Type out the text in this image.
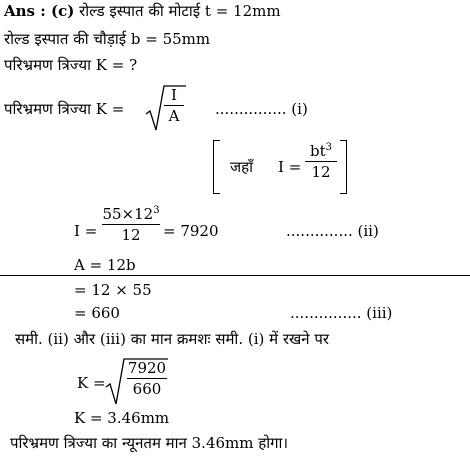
Ans : (c) रोल्ड इस्पात की मोटाई t = 12mm
रोल्ड इस्पात की चौड़ाई b = 55mm
परिभ्रमण त्रिज्या K = ?
परिभ्रमण त्रिज्या K =
I
A	............... (i)
जहाँ I =
$bt^3$
12
I =
$55\times 12^3$
12	= 7920	.............. (ii)
A = 12b
= 12 × 55
= 660	............... (iii)
समी. (ii) और (iii) का मान क्रमशः समी. (i) में रखने पर
K =
7920
660
K = 3.46mm
परिभ्रमण त्रिज्या का न्यूनतम मान 3.46mm होगा।
